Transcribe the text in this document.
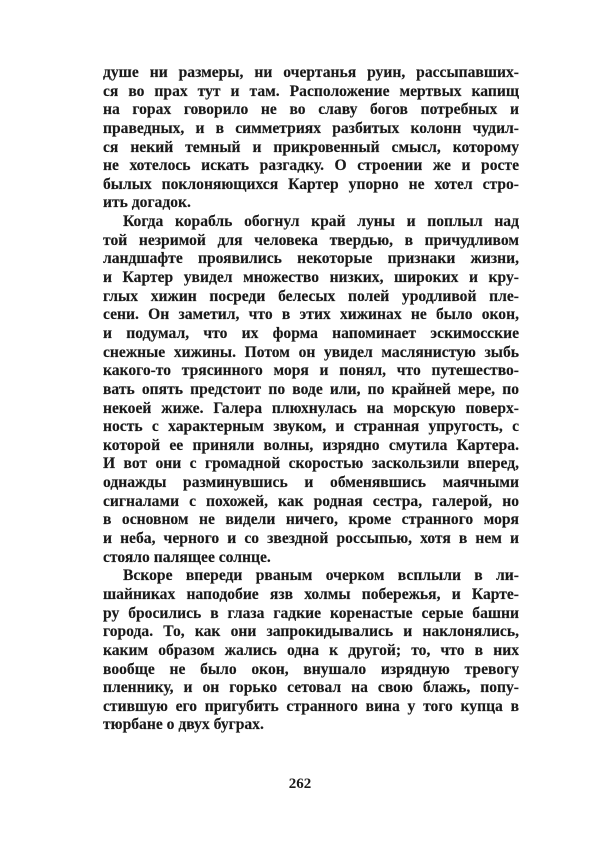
душе ни размеры, ни очертанья руин, рассыпавших-
ся во прах тут и там. Расположение мертвых капищ
на горах говорило не во славу богов потребных и
праведных, и в симметриях разбитых колонн чудил-
ся некий темный и прикровенный смысл, которому
не хотелось искать разгадку. О строении же и росте
былых поклоняющихся Картер упорно не хотел стро-
ить догадок.
Когда корабль обогнул край луны и поплыл над
той незримой для человека твердью, в причудливом
ландшафте проявились некоторые признаки жизни,
и Картер увидел множество низких, широких и кру-
глых хижин посреди белесых полей уродливой пле-
сени. Он заметил, что в этих хижинах не было окон,
и подумал, что их форма напоминает эскимосские
снежные хижины. Потом он увидел маслянистую зыбь
какого-то трясинного моря и понял, что путешество-
вать опять предстоит по воде или, по крайней мере, по
некоей жиже. Галера плюхнулась на морскую поверх-
ность с характерным звуком, и странная упругость, с
которой ее приняли волны, изрядно смутила Картера.
И вот они с громадной скоростью заскользили вперед,
однажды разминувшись и обменявшись маячными
сигналами с похожей, как родная сестра, галерой, но
в основном не видели ничего, кроме странного моря
и неба, черного и со звездной россыпью, хотя в нем и
стояло палящее солнце.
Вскоре впереди рваным очерком всплыли в ли-
шайниках наподобие язв холмы побережья, и Карте-
ру бросились в глаза гадкие коренастые серые башни
города. То, как они запрокидывались и наклонялись,
каким образом жались одна к другой; то, что в них
вообще не было окон, внушало изрядную тревогу
пленнику, и он горько сетовал на свою блажь, попу-
стившую его пригубить странного вина у того купца в
тюрбане о двух буграх.
262
